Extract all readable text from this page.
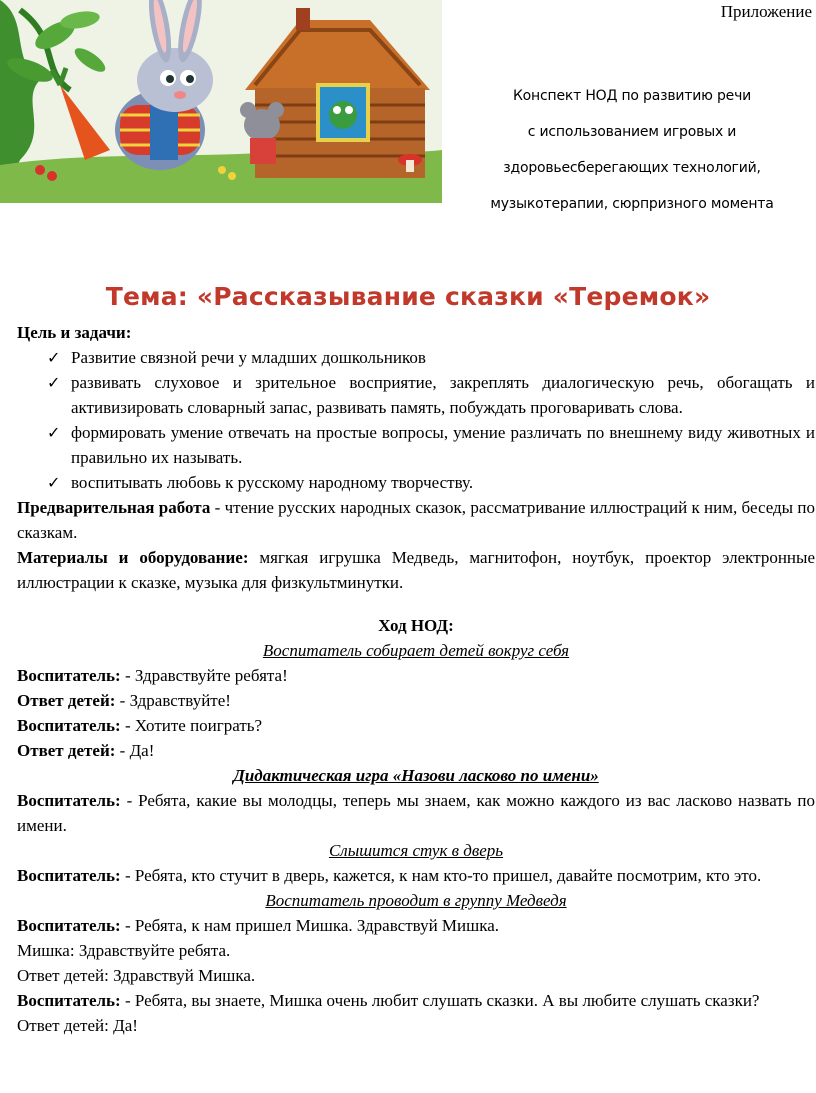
Приложение
Конспект НОД по развитию речи
с использованием игровых и
здоровьесберегающих технологий,
музыкотерапии, сюрпризного момента
Тема: «Рассказывание сказки «Теремок»

Цель и задачи:

✓ Развитие связной речи у младших дошкольников
✓ развивать слуховое и зрительное восприятие, закреплять диалогическую речь, обогащать и активизировать словарный запас, развивать память, побуждать проговаривать слова.
✓ формировать умение отвечать на простые вопросы, умение различать по внешнему виду животных и правильно их называть.
✓ воспитывать любовь к русскому народному творчеству.

Предварительная работа - чтение русских народных сказок, рассматривание иллюстраций к ним, беседы по сказкам.

Материалы и оборудование: мягкая игрушка Медведь, магнитофон, ноутбук, проектор электронные иллюстрации к сказке, музыка для физкультминутки.

Ход НОД:

Воспитатель собирает детей вокруг себя

Воспитатель: - Здравствуйте ребята!

Ответ детей: - Здравствуйте!

Воспитатель: - Хотите поиграть?

Ответ детей: - Да!

Дидактическая игра «Назови ласково по имени»

Воспитатель: - Ребята, какие вы молодцы, теперь мы знаем, как можно каждого из вас ласково назвать по имени.

Слышится стук в дверь

Воспитатель: - Ребята, кто стучит в дверь, кажется, к нам кто-то пришел, давайте посмотрим, кто это.

Воспитатель проводит в группу Медведя

Воспитатель: - Ребята, к нам пришел Мишка. Здравствуй Мишка.

Мишка: Здравствуйте ребята.

Ответ детей: Здравствуй Мишка.

Воспитатель: - Ребята, вы знаете, Мишка очень любит слушать сказки. А вы любите слушать сказки?

Ответ детей: Да!
